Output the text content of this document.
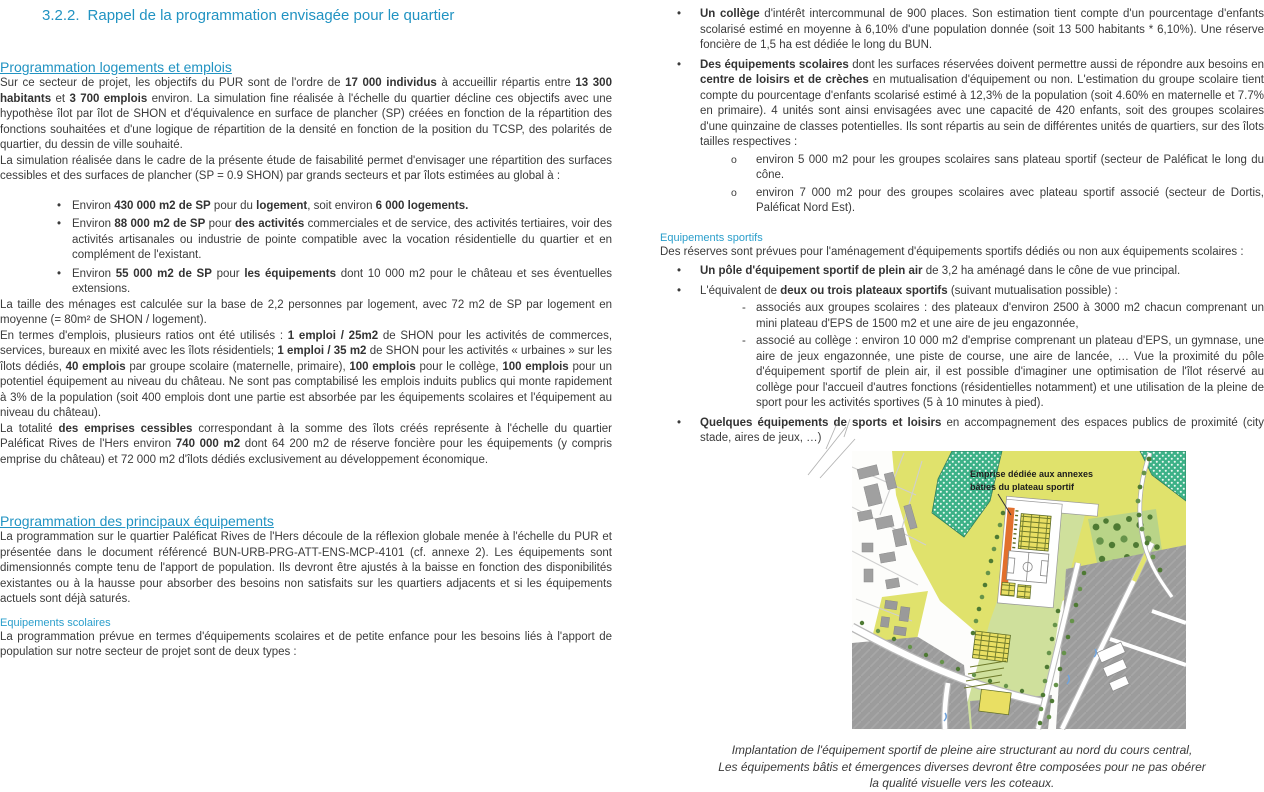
3.2.2. Rappel de la programmation envisagée pour le quartier
Programmation logements et emplois

Sur ce secteur de projet, les objectifs du PUR sont de l'ordre de 17 000 individus à accueillir répartis entre 13 300 habitants et 3 700 emplois environ. La simulation fine réalisée à l'échelle du quartier décline ces objectifs avec une hypothèse îlot par îlot de SHON et d'équivalence en surface de plancher (SP) créées en fonction de la répartition des fonctions souhaitées et d'une logique de répartition de la densité en fonction de la position du TCSP, des polarités de quartier, du dessin de ville souhaité.

La simulation réalisée dans le cadre de la présente étude de faisabilité permet d'envisager une répartition des surfaces cessibles et des surfaces de plancher (SP = 0.9 SHON) par grands secteurs et par îlots estimées au global à :

• Environ 430 000 m2 de SP pour du logement, soit environ 6 000 logements.
• Environ 88 000 m2 de SP pour des activités commerciales et de service, des activités tertiaires, voir des activités artisanales ou industrie de pointe compatible avec la vocation résidentielle du quartier et en complément de l'existant.
• Environ 55 000 m2 de SP pour les équipements dont 10 000 m2 pour le château et ses éventuelles extensions.

La taille des ménages est calculée sur la base de 2,2 personnes par logement, avec 72 m2 de SP par logement en moyenne (= 80m² de SHON / logement).

En termes d'emplois, plusieurs ratios ont été utilisés : 1 emploi / 25m2 de SHON pour les activités de commerces, services, bureaux en mixité avec les îlots résidentiels; 1 emploi / 35 m2 de SHON pour les activités « urbaines » sur les îlots dédiés, 40 emplois par groupe scolaire (maternelle, primaire), 100 emplois pour le collège, 100 emplois pour un potentiel équipement au niveau du château. Ne sont pas comptabilisé les emplois induits publics qui monte rapidement à 3% de la population (soit 400 emplois dont une partie est absorbée par les équipements scolaires et l'équipement au niveau du château).

La totalité des emprises cessibles correspondant à la somme des îlots créés représente à l'échelle du quartier Paléficat Rives de l'Hers environ 740 000 m2 dont 64 200 m2 de réserve foncière pour les équipements (y compris emprise du château) et 72 000 m2 d'îlots dédiés exclusivement au développement économique.

Programmation des principaux équipements

La programmation sur le quartier Paléficat Rives de l'Hers découle de la réflexion globale menée à l'échelle du PUR et présentée dans le document référencé BUN-URB-PRG-ATT-ENS-MCP-4101 (cf. annexe 2). Les équipements sont dimensionnés compte tenu de l'apport de population. Ils devront être ajustés à la baisse en fonction des disponibilités existantes ou à la hausse pour absorber des besoins non satisfaits sur les quartiers adjacents et si les équipements actuels sont déjà saturés.

Equipements scolaires

La programmation prévue en termes d'équipements scolaires et de petite enfance pour les besoins liés à l'apport de population sur notre secteur de projet sont de deux types :

• Un collège d'intérêt intercommunal de 900 places. Son estimation tient compte d'un pourcentage d'enfants scolarisé estimé en moyenne à 6,10% d'une population donnée (soit 13 500 habitants * 6,10%). Une réserve foncière de 1,5 ha est dédiée le long du BUN.
• Des équipements scolaires dont les surfaces réservées doivent permettre aussi de répondre aux besoins en centre de loisirs et de crèches en mutualisation d'équipement ou non. L'estimation du groupe scolaire tient compte du pourcentage d'enfants scolarisé estimé à 12,3% de la population (soit 4.60% en maternelle et 7.7% en primaire). 4 unités sont ainsi envisagées avec une capacité de 420 enfants, soit des groupes scolaires d'une quinzaine de classes potentielles. Ils sont répartis au sein de différentes unités de quartiers, sur des îlots tailles respectives :
o environ 5 000 m2 pour les groupes scolaires sans plateau sportif (secteur de Paléficat le long du cône.
o environ 7 000 m2 pour des groupes scolaires avec plateau sportif associé (secteur de Dortis, Paléficat Nord Est).
Equipements sportifs

Des réserves sont prévues pour l'aménagement d'équipements sportifs dédiés ou non aux équipements scolaires :

• Un pôle d'équipement sportif de plein air de 3,2 ha aménagé dans le cône de vue principal.
• L'équivalent de deux ou trois plateaux sportifs (suivant mutualisation possible) :
- associés aux groupes scolaires : des plateaux d'environ 2500 à 3000 m2 chacun comprenant un mini plateau d'EPS de 1500 m2 et une aire de jeu engazonnée,
- associé au collège : environ 10 000 m2 d'emprise comprenant un plateau d'EPS, un gymnase, une aire de jeux engazonnée, une piste de course, une aire de lancée, … Vue la proximité du pôle d'équipement sportif de plein air, il est possible d'imaginer une optimisation de l'îlot réservé au collège pour l'accueil d'autres fonctions (résidentielles notamment) et une utilisation de la pleine de sport pour les activités sportives (5 à 10 minutes à pied).
• Quelques équipements de sports et loisirs en accompagnement des espaces publics de proximité (city stade, aires de jeux, …)
Emprise dédiée aux annexes
bâties du plateau sportif
Implantation de l'équipement sportif de pleine aire structurant au nord du cours central,
Les équipements bâtis et émergences diverses devront être composées pour ne pas obérer
la qualité visuelle vers les coteaux.
